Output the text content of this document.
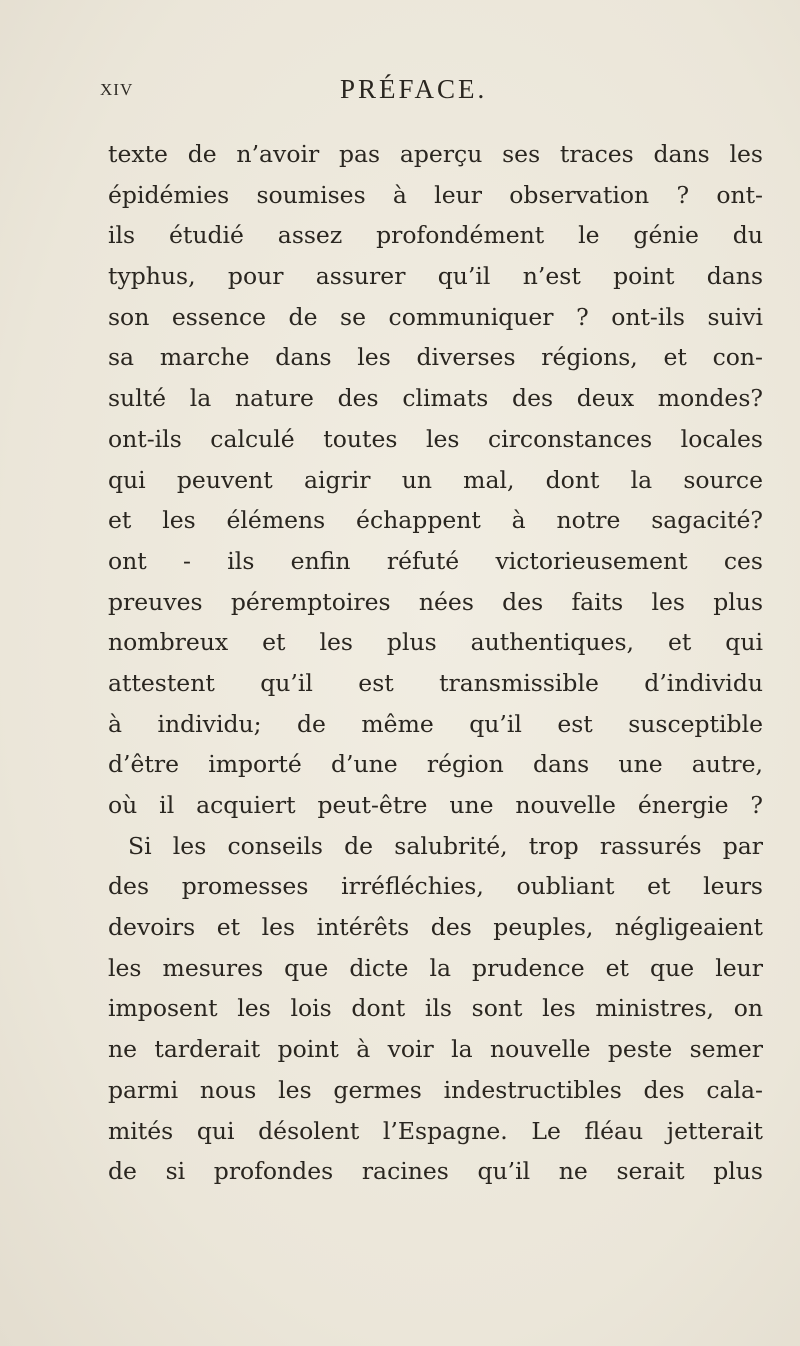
XIV	PRÉFACE.
texte de n’avoir pas aperçu ses traces dans les
épidémies soumises à leur observation ? ont-
ils étudié assez profondément le génie du
typhus, pour assurer qu’il n’est point dans
son essence de se communiquer ? ont-ils suivi
sa marche dans les diverses régions, et con-
sulté la nature des climats des deux mondes?
ont-ils calculé toutes les circonstances locales
qui peuvent aigrir un mal, dont la source
et les élémens échappent à notre sagacité?
ont - ils enfin réfuté victorieusement ces
preuves péremptoires nées des faits les plus
nombreux et les plus authentiques, et qui
attestent qu’il est transmissible d’individu
à individu; de même qu’il est susceptible
d’être importé d’une région dans une autre,
où il acquiert peut-être une nouvelle énergie ?
Si les conseils de salubrité, trop rassurés par
des promesses irréfléchies, oubliant et leurs
devoirs et les intérêts des peuples, négligeaient
les mesures que dicte la prudence et que leur
imposent les lois dont ils sont les ministres, on
ne tarderait point à voir la nouvelle peste semer
parmi nous les germes indestructibles des cala-
mités qui désolent l’Espagne. Le fléau jetterait
de si profondes racines qu’il ne serait plus
